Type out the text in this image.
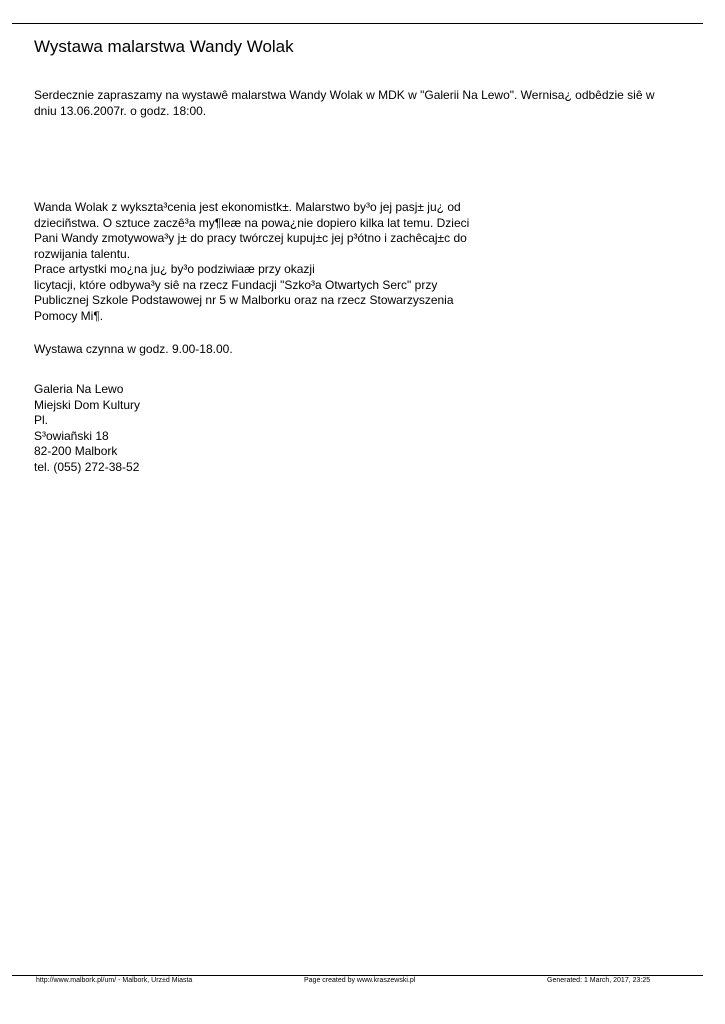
Wystawa malarstwa Wandy Wolak

Serdecznie zapraszamy na wystawê malarstwa Wandy Wolak w MDK w "Galerii Na Lewo". Wernisa¿ odbêdzie siê w
dniu 13.06.2007r. o godz. 18:00.

Wanda Wolak z wykszta³cenia jest ekonomistk±. Malarstwo by³o jej pasj± ju¿ od
dzieciñstwa. O sztuce zaczê³a my¶leæ na powa¿nie dopiero kilka lat temu. Dzieci
Pani Wandy zmotywowa³y j± do pracy twórczej kupuj±c jej p³ótno i zachêcaj±c do
rozwijania talentu.
Prace artystki mo¿na ju¿ by³o podziwiaæ przy okazji
licytacji, które odbywa³y siê na rzecz Fundacji "Szko³a Otwartych Serc" przy
Publicznej Szkole Podstawowej nr 5 w Malborku oraz na rzecz Stowarzyszenia
Pomocy Mi¶.

Wystawa czynna w godz. 9.00-18.00.

Galeria Na Lewo
Miejski Dom Kultury
Pl.
S³owiañski 18
82-200 Malbork
tel. (055) 272-38-52

http://www.malbork.pl/um/ - Malbork, Urz±d Miasta	Page created by www.kraszewski.pl	Generated: 1 March, 2017, 23:25
